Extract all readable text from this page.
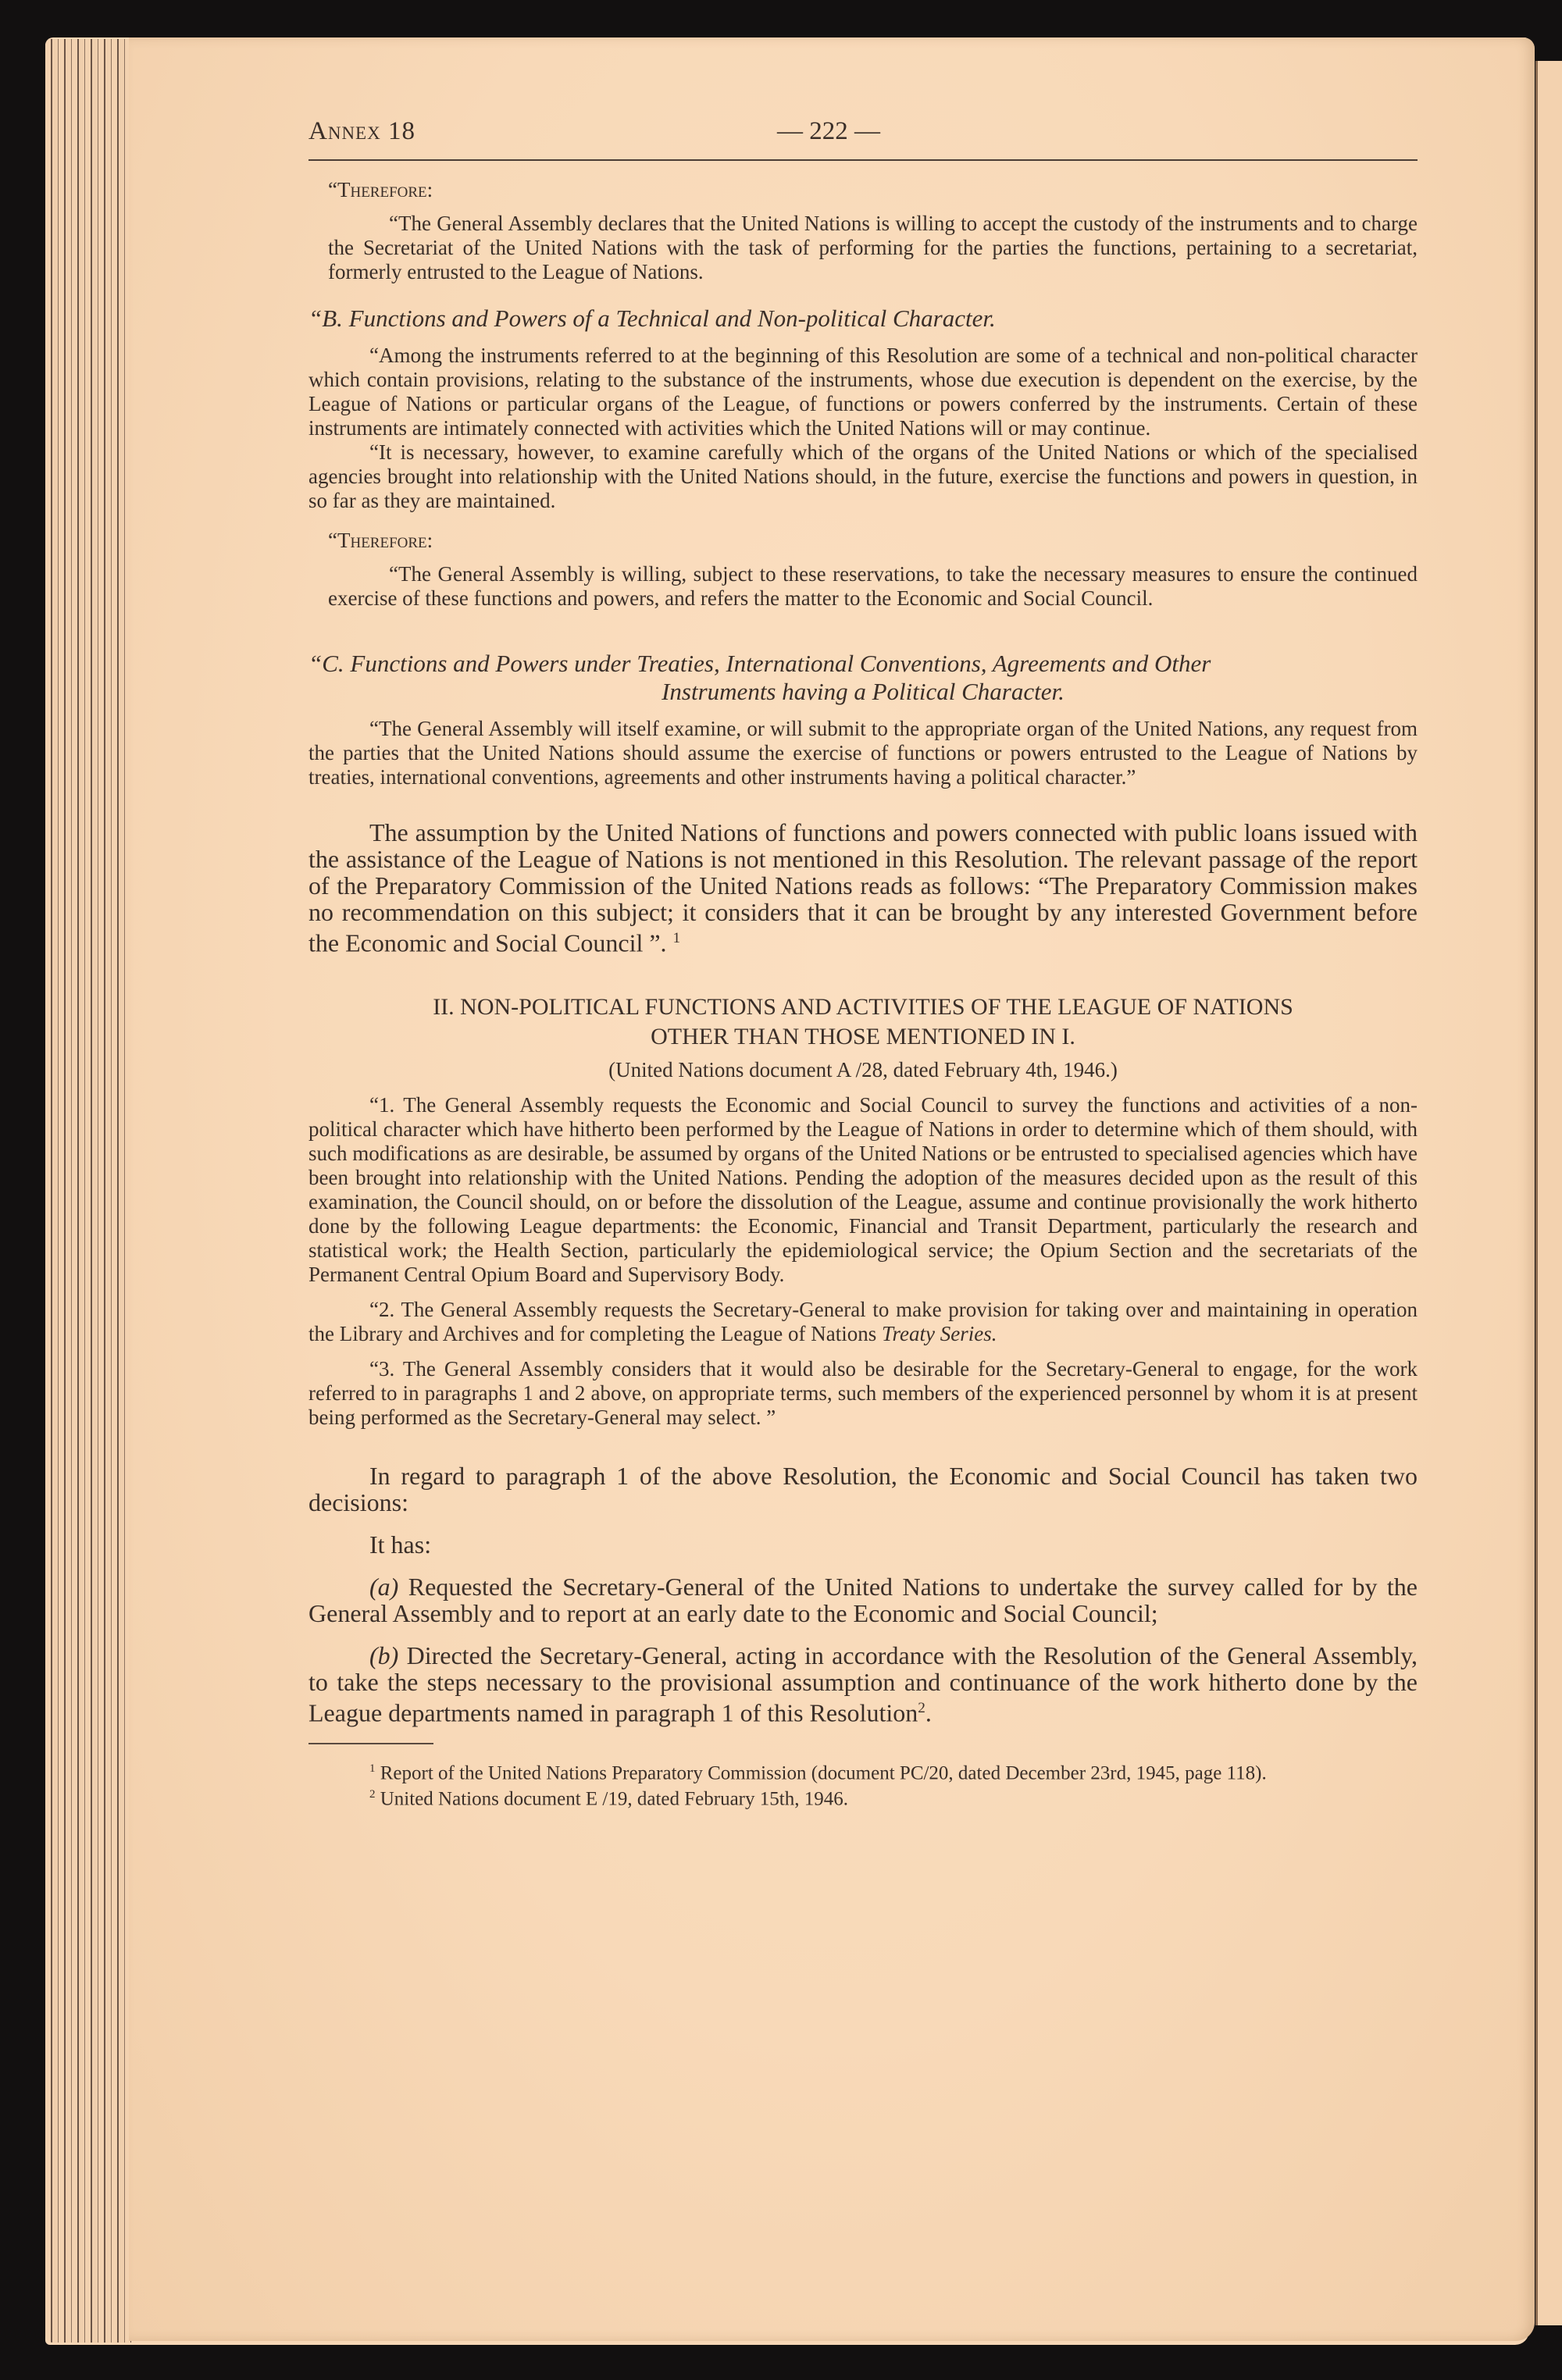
Annex 18	— 222 —
“Therefore:

“The General Assembly declares that the United Nations is willing to accept the custody of the instruments and to charge the Secretariat of the United Nations with the task of performing for the parties the functions, pertaining to a secretariat, formerly entrusted to the League of Nations.

“B. Functions and Powers of a Technical and Non-political Character.

“Among the instruments referred to at the beginning of this Resolution are some of a technical and non-political character which contain provisions, relating to the substance of the instruments, whose due execution is dependent on the exercise, by the League of Nations or particular organs of the League, of functions or powers conferred by the instruments. Certain of these instruments are intimately connected with activities which the United Nations will or may continue.

“It is necessary, however, to examine carefully which of the organs of the United Nations or which of the specialised agencies brought into relationship with the United Nations should, in the future, exercise the functions and powers in question, in so far as they are maintained.

“Therefore:

“The General Assembly is willing, subject to these reservations, to take the necessary measures to ensure the continued exercise of these functions and powers, and refers the matter to the Economic and Social Council.

“C. Functions and Powers under Treaties, International Conventions, Agreements and Other

Instruments having a Political Character.

“The General Assembly will itself examine, or will submit to the appropriate organ of the United Nations, any request from the parties that the United Nations should assume the exercise of functions or powers entrusted to the League of Nations by treaties, international conventions, agreements and other instruments having a political character.”

The assumption by the United Nations of functions and powers connected with public loans issued with the assistance of the League of Nations is not mentioned in this Resolution. The relevant passage of the report of the Preparatory Commission of the United Nations reads as follows: “The Preparatory Commission makes no recommendation on this subject; it considers that it can be brought by any interested Government before the Economic and Social Council ”. $^1$

II. NON-POLITICAL FUNCTIONS AND ACTIVITIES OF THE LEAGUE OF NATIONS
OTHER THAN THOSE MENTIONED IN I.
(United Nations document A /28, dated February 4th, 1946.)

“1. The General Assembly requests the Economic and Social Council to survey the functions and activities of a non-political character which have hitherto been performed by the League of Nations in order to determine which of them should, with such modifications as are desirable, be assumed by organs of the United Nations or be entrusted to specialised agencies which have been brought into relationship with the United Nations. Pending the adoption of the measures decided upon as the result of this examination, the Council should, on or before the dissolution of the League, assume and continue provisionally the work hitherto done by the following League departments: the Economic, Financial and Transit Department, particularly the research and statistical work; the Health Section, particularly the epidemiological service; the Opium Section and the secretariats of the Permanent Central Opium Board and Supervisory Body.

“2. The General Assembly requests the Secretary-General to make provision for taking over and maintaining in operation the Library and Archives and for completing the League of Nations Treaty Series.

“3. The General Assembly considers that it would also be desirable for the Secretary-General to engage, for the work referred to in paragraphs 1 and 2 above, on appropriate terms, such members of the experienced personnel by whom it is at present being performed as the Secretary-General may select. ”

In regard to paragraph 1 of the above Resolution, the Economic and Social Council has taken two decisions:

It has:

(a) Requested the Secretary-General of the United Nations to undertake the survey called for by the General Assembly and to report at an early date to the Economic and Social Council;

(b) Directed the Secretary-General, acting in accordance with the Resolution of the General Assembly, to take the steps necessary to the provisional assumption and continuance of the work hitherto done by the League departments named in paragraph 1 of this Resolution$^2$.

$^1$ Report of the United Nations Preparatory Commission (document PC/20, dated December 23rd, 1945, page 118).

$^2$ United Nations document E /19, dated February 15th, 1946.
